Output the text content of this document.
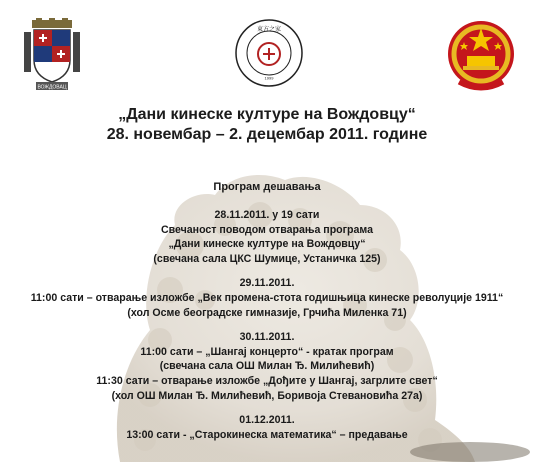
ВОЖДОВАЦ
東方之家
1999

„Дани кинеске културе на Вождовцу“

28. новембар – 2. децембар 2011. године

Програм дешавања
28.11.2011. у 19 сати
Свечаност поводом отварања програма
„Дани кинеске културе на Вождовцу“
(свечана сала ЦКС Шумице, Устаничка 125)
29.11.2011.
11:00 сати – отварање изложбе „Век промена-стота годишњица кинеске револуције 1911“
(хол Осме београдске гимназије, Грчића Миленка 71)
30.11.2011.
11:00 сати – „Шангај концерто“ - кратак програм
(свечана сала ОШ Милан Ђ. Милићевић)
11:30 сати – отварање изложбе „Дођите у Шангај, загрлите свет“
(хол ОШ Милан Ђ. Милићевић, Боривоја Стевановића 27а)
01.12.2011.
13:00 сати - „Старокинеска математика“ – предавање
